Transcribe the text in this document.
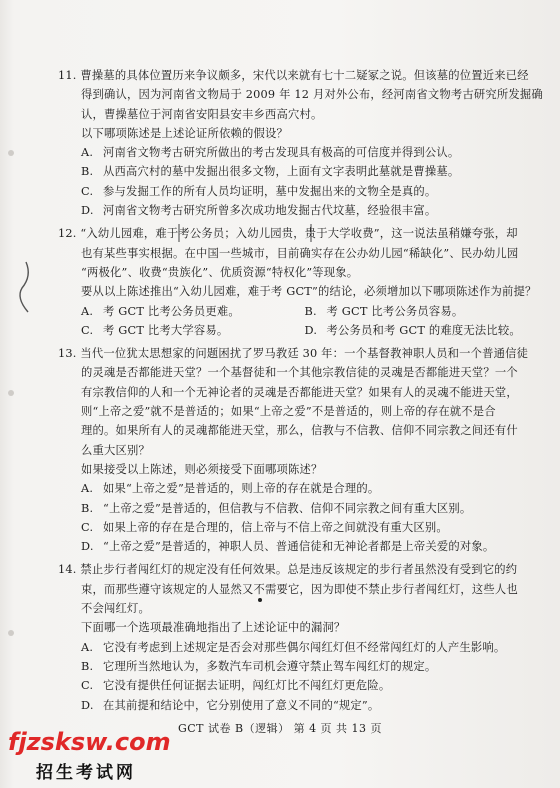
11. 曹操墓的具体位置历来争议颇多，宋代以来就有七十二疑冢之说。但该墓的位置近来已经
得到确认，因为河南省文物局于 2009 年 12 月对外公布，经河南省文物考古研究所发掘确
认，曹操墓位于河南省安阳县安丰乡西高穴村。
以下哪项陈述是上述论证所依赖的假设？
A. 河南省文物考古研究所做出的考古发现具有极高的可信度并得到公认。
B. 从西高穴村的墓中发掘出很多文物，上面有文字表明此墓就是曹操墓。
C. 参与发掘工作的所有人员均证明，墓中发掘出来的文物全是真的。
D. 河南省文物考古研究所曾多次成功地发掘古代坟墓，经验很丰富。
12. “入幼儿园难，难于考公务员；入幼儿园贵，贵于大学收费”，这一说法虽稍嫌夸张，却
也有某些事实根据。在中国一些城市，目前确实存在公办幼儿园“稀缺化”、民办幼儿园
“两极化”、收费“贵族化”、优质资源“特权化”等现象。
要从以上陈述推出“入幼儿园难，难于考 GCT”的结论，必须增加以下哪项陈述作为前提？
A. 考 GCT 比考公务员更难。	B. 考 GCT 比考公务员容易。
C. 考 GCT 比考大学容易。	D. 考公务员和考 GCT 的难度无法比较。
13. 当代一位犹太思想家的问题困扰了罗马教廷 30 年：一个基督教神职人员和一个普通信徒
的灵魂是否都能进天堂？一个基督徒和一个其他宗教信徒的灵魂是否都能进天堂？一个
有宗教信仰的人和一个无神论者的灵魂是否都能进天堂？如果有人的灵魂不能进天堂，
则“上帝之爱”就不是普适的；如果“上帝之爱”不是普适的，则上帝的存在就不是合
理的。如果所有人的灵魂都能进天堂，那么，信教与不信教、信仰不同宗教之间还有什
么重大区别？
如果接受以上陈述，则必须接受下面哪项陈述？
A. 如果“上帝之爱”是普适的，则上帝的存在就是合理的。
B. “上帝之爱”是普适的，但信教与不信教、信仰不同宗教之间有重大区别。
C. 如果上帝的存在是合理的，信上帝与不信上帝之间就没有重大区别。
D. “上帝之爱”是普适的，神职人员、普通信徒和无神论者都是上帝关爱的对象。
14. 禁止步行者闯红灯的规定没有任何效果。总是违反该规定的步行者虽然没有受到它的约
束，而那些遵守该规定的人显然又不需要它，因为即使不禁止步行者闯红灯，这些人也
不会闯红灯。
下面哪一个选项最准确地指出了上述论证中的漏洞？
A. 它没有考虑到上述规定是否会对那些偶尔闯红灯但不经常闯红灯的人产生影响。
B. 它理所当然地认为，多数汽车司机会遵守禁止驾车闯红灯的规定。
C. 它没有提供任何证据去证明，闯红灯比不闯红灯更危险。
D. 在其前提和结论中，它分别使用了意义不同的“规定”。
GCT 试卷 B（逻辑） 第 4 页 共 13 页
fjzsksw.com
招生考试网
